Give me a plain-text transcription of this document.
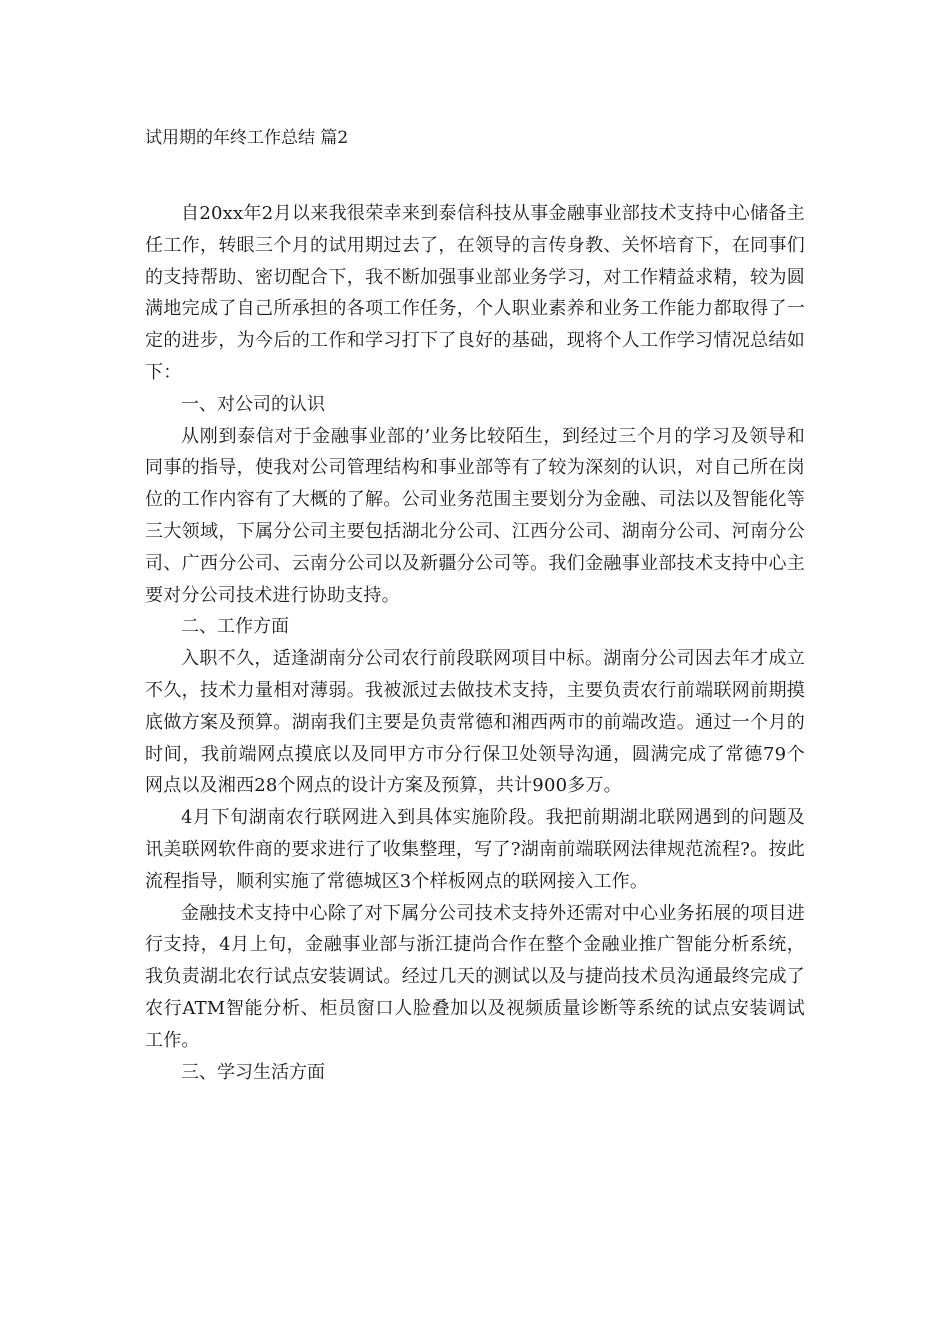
试用期的年终工作总结 篇2

自20xx年2月以来我很荣幸来到泰信科技从事金融事业部技术支持中心储备主任工作，转眼三个月的试用期过去了，在领导的言传身教、关怀培育下，在同事们的支持帮助、密切配合下，我不断加强事业部业务学习，对工作精益求精，较为圆满地完成了自己所承担的各项工作任务，个人职业素养和业务工作能力都取得了一定的进步，为今后的工作和学习打下了良好的基础，现将个人工作学习情况总结如下：

一、对公司的认识

从刚到泰信对于金融事业部的’业务比较陌生，到经过三个月的学习及领导和同事的指导，使我对公司管理结构和事业部等有了较为深刻的认识，对自己所在岗位的工作内容有了大概的了解。公司业务范围主要划分为金融、司法以及智能化等三大领域，下属分公司主要包括湖北分公司、江西分公司、湖南分公司、河南分公司、广西分公司、云南分公司以及新疆分公司等。我们金融事业部技术支持中心主要对分公司技术进行协助支持。

二、工作方面

入职不久，适逢湖南分公司农行前段联网项目中标。湖南分公司因去年才成立不久，技术力量相对薄弱。我被派过去做技术支持，主要负责农行前端联网前期摸底做方案及预算。湖南我们主要是负责常德和湘西两市的前端改造。通过一个月的时间，我前端网点摸底以及同甲方市分行保卫处领导沟通，圆满完成了常德79个网点以及湘西28个网点的设计方案及预算，共计900多万。

4月下旬湖南农行联网进入到具体实施阶段。我把前期湖北联网遇到的问题及讯美联网软件商的要求进行了收集整理，写了?湖南前端联网法律规范流程?。按此流程指导，顺利实施了常德城区3个样板网点的联网接入工作。

金融技术支持中心除了对下属分公司技术支持外还需对中心业务拓展的项目进行支持，4月上旬，金融事业部与浙江捷尚合作在整个金融业推广智能分析系统，我负责湖北农行试点安装调试。经过几天的测试以及与捷尚技术员沟通最终完成了农行ATM智能分析、柜员窗口人脸叠加以及视频质量诊断等系统的试点安装调试工作。

三、学习生活方面
